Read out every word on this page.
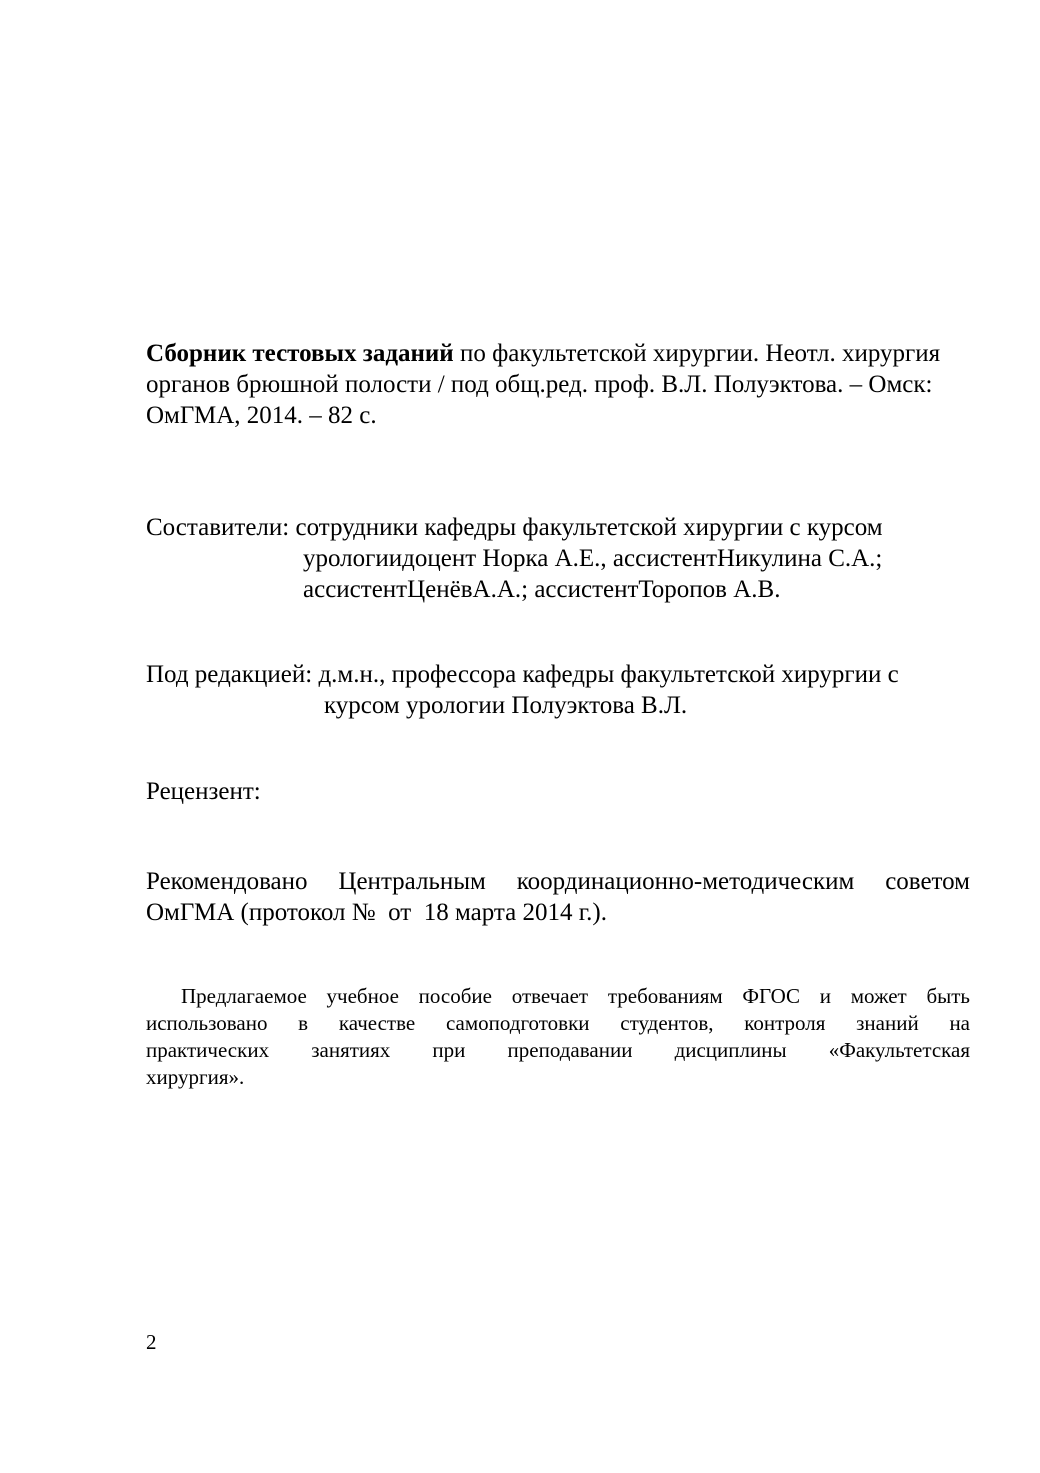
Сборник тестовых заданий по факультетской хирургии. Неотл. хирургия
органов брюшной полости / под общ.ред. проф. В.Л. Полуэктова. – Омск:
ОмГМА, 2014. – 82 с.
Составители: сотрудники кафедры факультетской хирургии с курсом
урологиидоцент Норка А.Е., ассистентНикулина С.А.;
ассистентЦенёвА.А.; ассистентТоропов А.В.
Под редакцией: д.м.н., профессора кафедры факультетской хирургии с
курсом урологии Полуэктова В.Л.
Рецензент:
Рекомендовано Центральным координационно-методическим советом
ОмГМА (протокол №  от  18 марта 2014 г.).
Предлагаемое учебное пособие отвечает требованиям ФГОС и может быть
использовано в качестве самоподготовки студентов, контроля знаний на
практических занятиях при преподавании дисциплины «Факультетская
хирургия».
2
